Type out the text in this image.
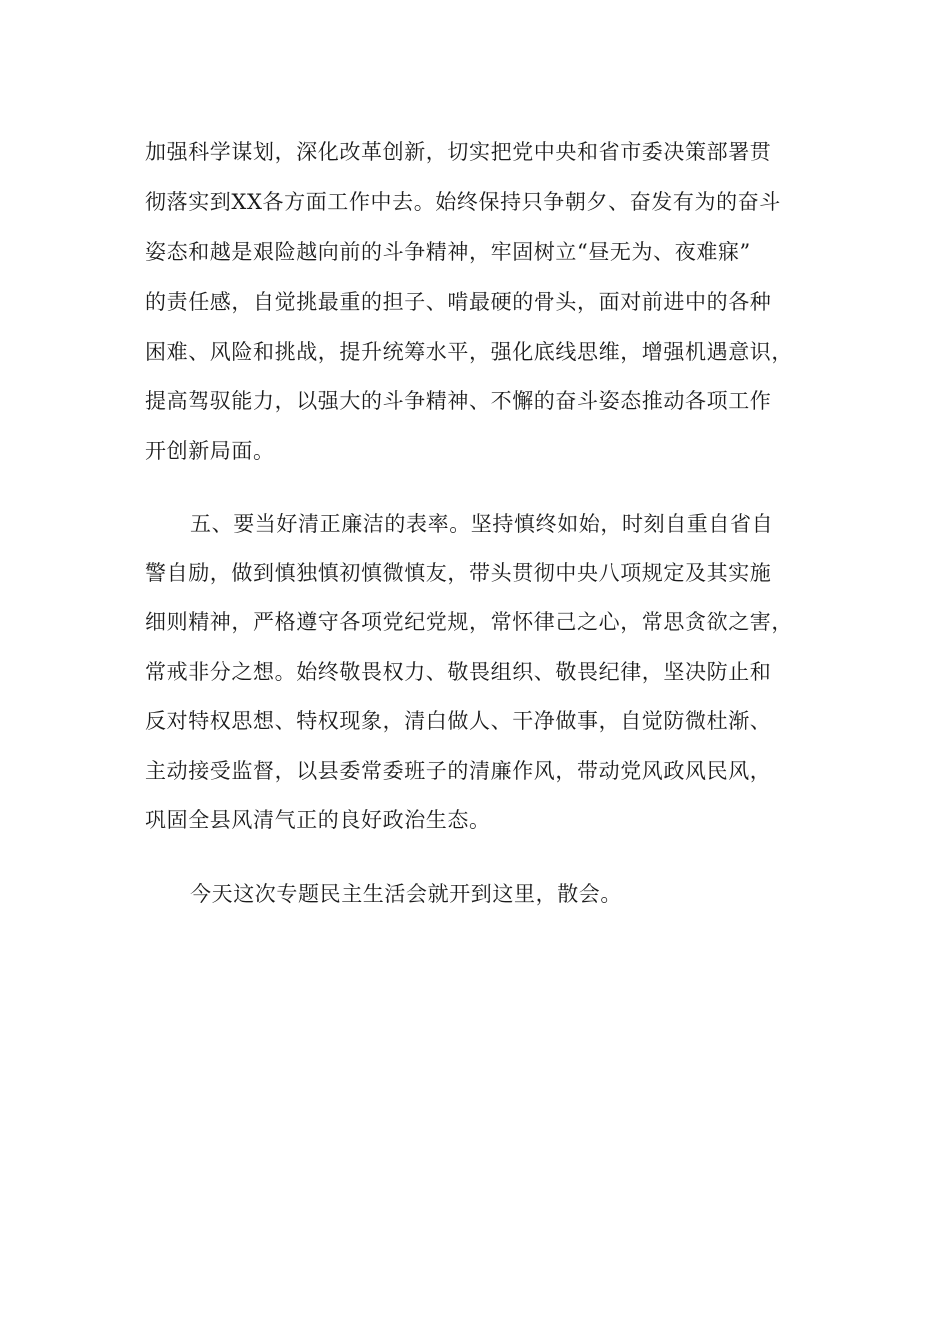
加强科学谋划，深化改革创新，切实把党中央和省市委决策部署贯

彻落实到XX各方面工作中去。始终保持只争朝夕、奋发有为的奋斗

姿态和越是艰险越向前的斗争精神，牢固树立“昼无为、夜难寐”

的责任感，自觉挑最重的担子、啃最硬的骨头，面对前进中的各种

困难、风险和挑战，提升统筹水平，强化底线思维，增强机遇意识，

提高驾驭能力，以强大的斗争精神、不懈的奋斗姿态推动各项工作

开创新局面。

五、要当好清正廉洁的表率。坚持慎终如始，时刻自重自省自

警自励，做到慎独慎初慎微慎友，带头贯彻中央八项规定及其实施

细则精神，严格遵守各项党纪党规，常怀律己之心，常思贪欲之害，

常戒非分之想。始终敬畏权力、敬畏组织、敬畏纪律，坚决防止和

反对特权思想、特权现象，清白做人、干净做事，自觉防微杜渐、

主动接受监督，以县委常委班子的清廉作风，带动党风政风民风，

巩固全县风清气正的良好政治生态。

今天这次专题民主生活会就开到这里，散会。
